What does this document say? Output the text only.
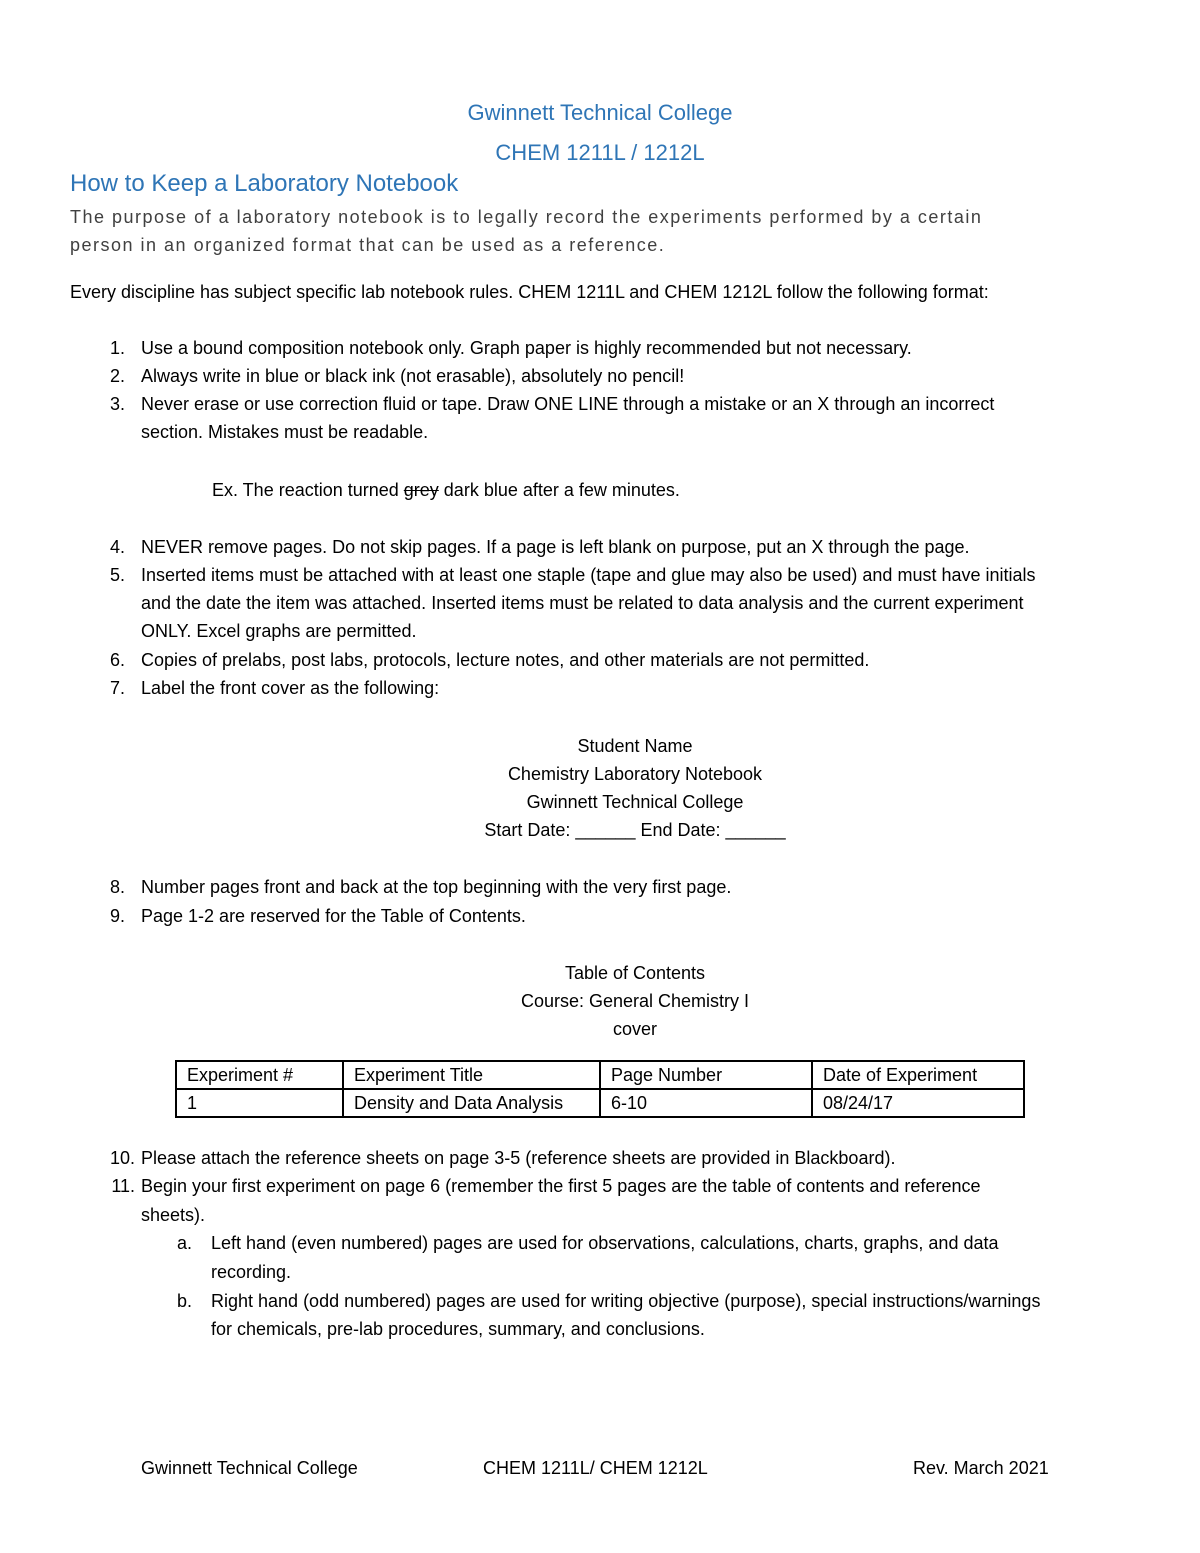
Gwinnett Technical College
CHEM 1211L / 1212L
How to Keep a Laboratory Notebook
The purpose of a laboratory notebook is to legally record the experiments performed by a certain
person in an organized format that can be used as a reference.
Every discipline has subject specific lab notebook rules. CHEM 1211L and CHEM 1212L follow the following format:
1. Use a bound composition notebook only. Graph paper is highly recommended but not necessary.
2. Always write in blue or black ink (not erasable), absolutely no pencil!
3. Never erase or use correction fluid or tape. Draw ONE LINE through a mistake or an X through an incorrect
section. Mistakes must be readable.
Ex. The reaction turned grey dark blue after a few minutes.
4. NEVER remove pages. Do not skip pages. If a page is left blank on purpose, put an X through the page.
5. Inserted items must be attached with at least one staple (tape and glue may also be used) and must have initials
and the date the item was attached. Inserted items must be related to data analysis and the current experiment
ONLY. Excel graphs are permitted.
6. Copies of prelabs, post labs, protocols, lecture notes, and other materials are not permitted.
7. Label the front cover as the following:
Student Name
Chemistry Laboratory Notebook
Gwinnett Technical College
Start Date: ______ End Date: ______
8. Number pages front and back at the top beginning with the very first page.
9. Page 1-2 are reserved for the Table of Contents.
Table of Contents
Course: General Chemistry I
cover
Experiment #	Experiment Title	Page Number	Date of Experiment
1	Density and Data Analysis	6-10	08/24/17
10. Please attach the reference sheets on page 3-5 (reference sheets are provided in Blackboard).
11. Begin your first experiment on page 6 (remember the first 5 pages are the table of contents and reference
sheets).
a. Left hand (even numbered) pages are used for observations, calculations, charts, graphs, and data
recording.
b. Right hand (odd numbered) pages are used for writing objective (purpose), special instructions/warnings
for chemicals, pre-lab procedures, summary, and conclusions.
Gwinnett Technical College	CHEM 1211L/ CHEM 1212L	Rev. March 2021
